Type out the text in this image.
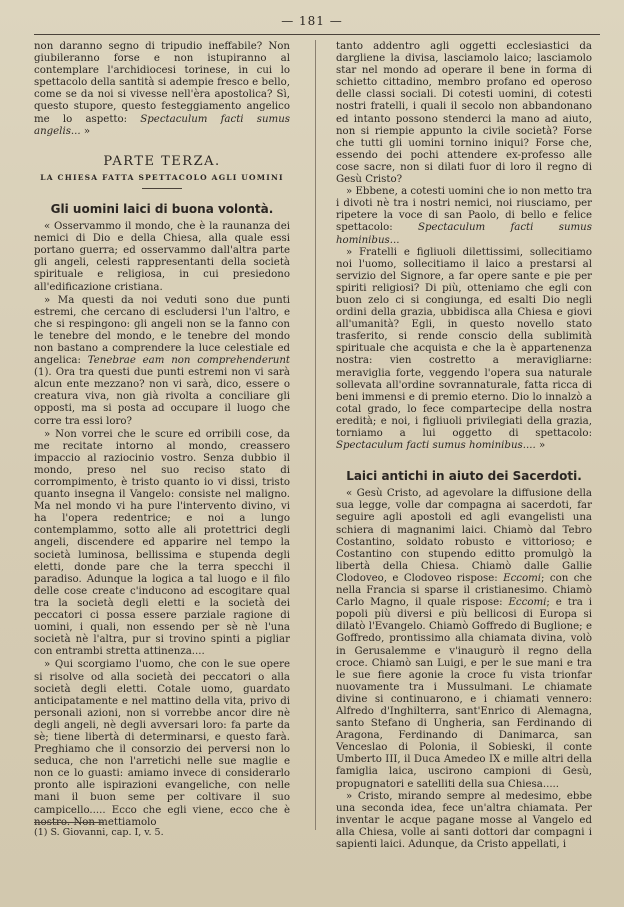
— 181 —

non daranno segno di tripudio ineffabile? Non giubileranno forse e non istupiranno al contemplare l'archidiocesi torinese, in cui lo spettacolo della santità si adempie fresco e bello, come se da noi si vivesse nell'èra apostolica? Sì, questo stupore, questo festeggiamento angelico me lo aspetto: Spectaculum facti sumus angelis... »

PARTE TERZA.
LA CHIESA FATTA SPETTACOLO AGLI UOMINI
Gli uomini laici di buona volontà.

« Osservammo il mondo, che è la raunanza dei nemici di Dio e della Chiesa, alla quale essi portano guerra; ed osservammo dall'altra parte gli angeli, celesti rappresentanti della società spirituale e religiosa, in cui presiedono all'edificazione cristiana.

» Ma questi da noi veduti sono due punti estremi, che cercano di escludersi l'un l'altro, e che si respingono: gli angeli non se la fanno con le tenebre del mondo, e le tenebre del mondo non bastano a comprendere la luce celestiale ed angelica: Tenebrae eam non comprehenderunt (1). Ora tra questi due punti estremi non vi sarà alcun ente mezzano? non vi sarà, dico, essere o creatura viva, non già rivolta a conciliare gli opposti, ma si posta ad occupare il luogo che corre tra essi loro?

» Non vorrei che le scure ed orribili cose, da me recitate intorno al mondo, creassero impaccio al raziocinio vostro. Senza dubbio il mondo, preso nel suo reciso stato di corrompimento, è tristo quanto io vi dissi, tristo quanto insegna il Vangelo: consiste nel maligno. Ma nel mondo vi ha pure l'intervento divino, vi ha l'opera redentrice; e noi a lungo contemplammo, sotto alle ali protettrici degli angeli, discendere ed apparire nel tempo la società luminosa, bellissima e stupenda degli eletti, donde pare che la terra specchi il paradiso. Adunque la logica a tal luogo e il filo delle cose create c'inducono ad escogitare qual tra la società degli eletti e la società dei peccatori ci possa essere parziale ragione di uomini, i quali, non essendo per sè nè l'una società nè l'altra, pur si trovino spinti a pigliar con entrambi stretta attinenza....

» Qui scorgiamo l'uomo, che con le sue opere si risolve od alla società dei peccatori o alla società degli eletti. Cotale uomo, guardato anticipatamente e nel mattino della vita, privo di personali azioni, non si vorrebbe ancor dire nè degli angeli, nè degli avversari loro: fa parte da sè; tiene libertà di determinarsi, e questo farà. Preghiamo che il consorzio dei perversi non lo seduca, che non l'arretichi nelle sue maglie e non ce lo guasti: amiamo invece di considerarlo pronto alle ispirazioni evangeliche, con nelle mani il buon seme per coltivare il suo campicello..... Ecco che egli viene, ecco che è nostro. Non mettiamolo

tanto addentro agli oggetti ecclesiastici da dargliene la divisa, lasciamolo laico; lasciamolo star nel mondo ad operare il bene in forma di schietto cittadino, membro profano ed operoso delle classi sociali. Di cotesti uomini, di cotesti nostri fratelli, i quali il secolo non abbandonano ed intanto possono stenderci la mano ad aiuto, non si riempie appunto la civile società? Forse che tutti gli uomini tornino iniqui? Forse che, essendo dei pochi attendere ex-professo alle cose sacre, non si dilati fuor di loro il regno di Gesù Cristo?

» Ebbene, a cotesti uomini che io non metto tra i divoti nè tra i nostri nemici, noi riusciamo, per ripetere la voce di san Paolo, di bello e felice spettacolo: Spectaculum facti sumus hominibus...

» Fratelli e figliuoli dilettissimi, sollecitiamo noi l'uomo, sollecitiamo il laico a prestarsi al servizio del Signore, a far opere sante e pie per spiriti religiosi? Di più, otteniamo che egli con buon zelo ci si congiunga, ed esalti Dio negli ordini della grazia, ubbidisca alla Chiesa e giovi all'umanità? Egli, in questo novello stato trasferito, si rende conscio della sublimità spirituale che acquista e che la è appartenenza nostra: vien costretto a meravigliarne: meraviglia forte, veggendo l'opera sua naturale sollevata all'ordine sovrannaturale, fatta ricca di beni immensi e di premio eterno. Dio lo innalzò a cotal grado, lo fece compartecipe della nostra eredità; e noi, i figliuoli privilegiati della grazia, torniamo a lui oggetto di spettacolo: Spectaculum facti sumus hominibus.... »

Laici antichi in aiuto dei Sacerdoti.

« Gesù Cristo, ad agevolare la diffusione della sua legge, volle dar compagna ai sacerdoti, far seguire agli apostoli ed agli evangelisti una schiera di magnanimi laici. Chiamò dal Tebro Costantino, soldato robusto e vittorioso; e Costantino con stupendo editto promulgò la libertà della Chiesa. Chiamò dalle Gallie Clodoveo, e Clodoveo rispose: Eccomi; con che nella Francia si sparse il cristianesimo. Chiamò Carlo Magno, il quale rispose: Eccomi; e tra i popoli più diversi e più bellicosi di Europa si dilatò l'Evangelo. Chiamò Goffredo di Buglione; e Goffredo, prontissimo alla chiamata divina, volò in Gerusalemme e v'inaugurò il regno della croce. Chiamò san Luigi, e per le sue mani e tra le sue fiere agonie la croce fu vista trionfar nuovamente tra i Mussulmani. Le chiamate divine si continuarono, e i chiamati vennero: Alfredo d'Inghilterra, sant'Enrico di Alemagna, santo Stefano di Ungheria, san Ferdinando di Aragona, Ferdinando di Danimarca, san Venceslao di Polonia, il Sobieski, il conte Umberto III, il Duca Amedeo IX e mille altri della famiglia laica, uscirono campioni di Gesù, propugnatori e satelliti della sua Chiesa.....

» Cristo, mirando sempre al medesimo, ebbe una seconda idea, fece un'altra chiamata. Per inventar le acque pagane mosse al Vangelo ed alla Chiesa, volle ai santi dottori dar compagni i sapienti laici. Adunque, da Cristo appellati, i

(1) S. Giovanni, cap. I, v. 5.
